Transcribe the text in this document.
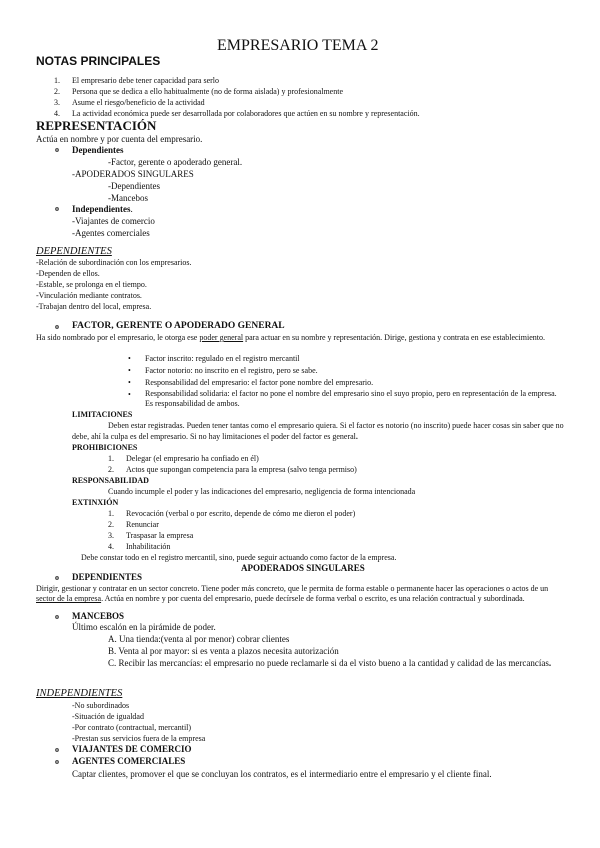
EMPRESARIO TEMA 2
NOTAS PRINCIPALES
1. El empresario debe tener capacidad para serlo
2. Persona que se dedica a ello habitualmente (no de forma aislada) y profesionalmente
3. Asume el riesgo/beneficio de la actividad
4. La actividad económica puede ser desarrollada por colaboradores que actúen en su nombre y representación.
REPRESENTACIÓN
Actúa en nombre y por cuenta del empresario.
o Dependientes
-Factor, gerente o apoderado general.
-APODERADOS SINGULARES
-Dependientes
-Mancebos
o Independientes.
-Viajantes de comercio
-Agentes comerciales
DEPENDIENTES
-Relación de subordinación con los empresarios.
-Dependen de ellos.
-Estable, se prolonga en el tiempo.
-Vinculación mediante contratos.
-Trabajan dentro del local, empresa.
o FACTOR, GERENTE O APODERADO GENERAL
Ha sido nombrado por el empresario, le otorga ese poder general para actuar en su nombre y representación. Dirige, gestiona y contrata en ese establecimiento.
• Factor inscrito: regulado en el registro mercantil
• Factor notorio: no inscrito en el registro, pero se sabe.
• Responsabilidad del empresario: el factor pone nombre del empresario.
• Responsabilidad solidaria: el factor no pone el nombre del empresario sino el suyo propio, pero en representación de la empresa. Es responsabilidad de ambos.
LIMITACIONES
Deben estar registradas. Pueden tener tantas como el empresario quiera. Si el factor es notorio (no inscrito) puede hacer cosas sin saber que no debe, ahí la culpa es del empresario. Si no hay limitaciones el poder del factor es general.
PROHIBICIONES
1. Delegar (el empresario ha confiado en él)
2. Actos que supongan competencia para la empresa (salvo tenga permiso)
RESPONSABILIDAD
Cuando incumple el poder y las indicaciones del empresario, negligencia de forma intencionada
EXTINXIÓN
1. Revocación (verbal o por escrito, depende de cómo me dieron el poder)
2. Renunciar
3. Traspasar la empresa
4. Inhabilitación
Debe constar todo en el registro mercantil, sino, puede seguir actuando como factor de la empresa.
APODERADOS SINGULARES
o DEPENDIENTES
Dirigir, gestionar y contratar en un sector concreto. Tiene poder más concreto, que le permita de forma estable o permanente hacer las operaciones o actos de un sector de la empresa. Actúa en nombre y por cuenta del empresario, puede decírsele de forma verbal o escrito, es una relación contractual y subordinada.
o MANCEBOS
Último escalón en la pirámide de poder.
A. Una tienda:(venta al por menor) cobrar clientes
B. Venta al por mayor: si es venta a plazos necesita autorización
C. Recibir las mercancías: el empresario no puede reclamarle si da el visto bueno a la cantidad y calidad de las mercancías.
INDEPENDIENTES
-No subordinados
-Situación de igualdad
-Por contrato (contractual, mercantil)
-Prestan sus servicios fuera de la empresa
o VIAJANTES DE COMERCIO
o AGENTES COMERCIALES
Captar clientes, promover el que se concluyan los contratos, es el intermediario entre el empresario y el cliente final.
